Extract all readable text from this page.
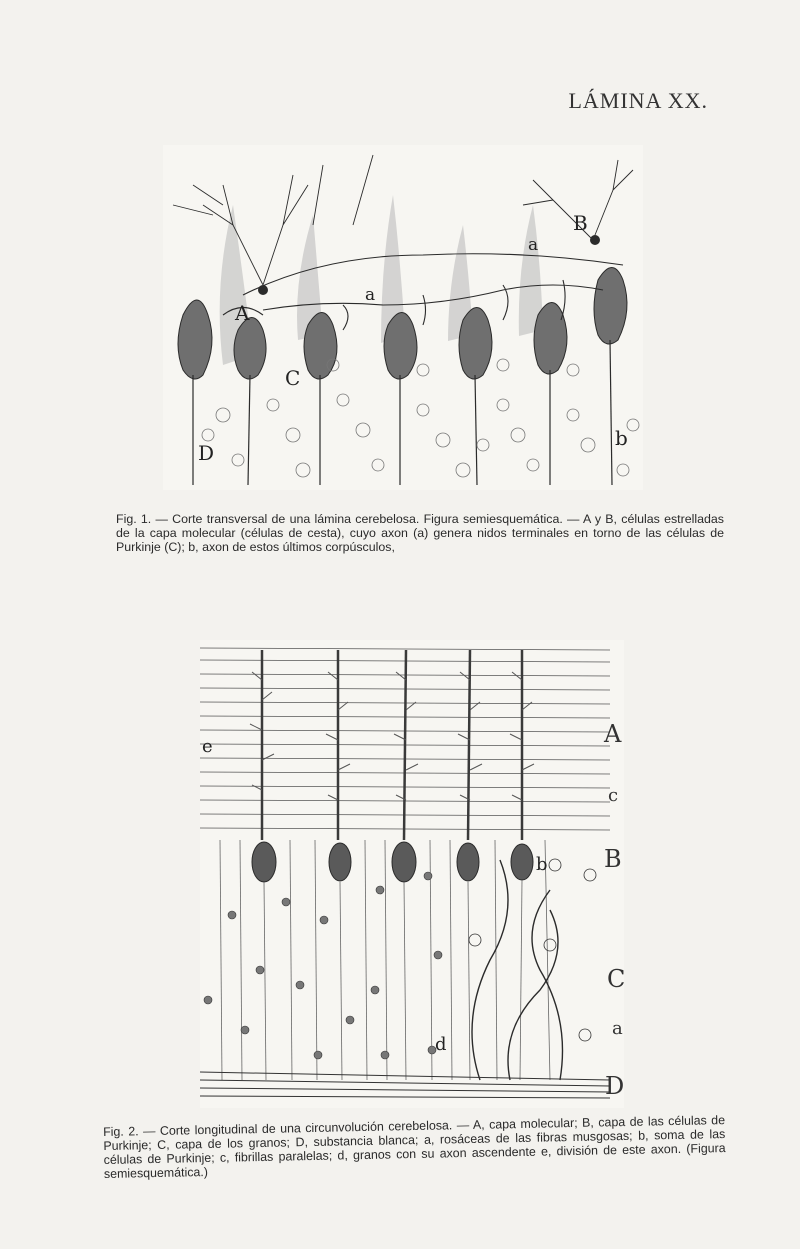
LÁMINA XX.
A
B
C
D
b
a
a
Fig. 1. — Corte transversal de una lámina cerebelosa. Figura semiesquemática. — A y B, células estrelladas de la capa molecular (células de cesta), cuyo axon (a) genera nidos terminales en torno de las células de Purkinje (C); b, axon de estos últimos corpúsculos,
e
b
d
A
c
B
C
a
D
Fig. 2. — Corte longitudinal de una circunvolución cerebelosa. — A, capa molecular; B, capa de las células de Purkinje; C, capa de los granos; D, substancia blanca; a, rosáceas de las fibras musgosas; b, soma de las células de Purkinje; c, fibrillas paralelas; d, granos con su axon ascendente e, división de este axon. (Figura semiesquemática.)
